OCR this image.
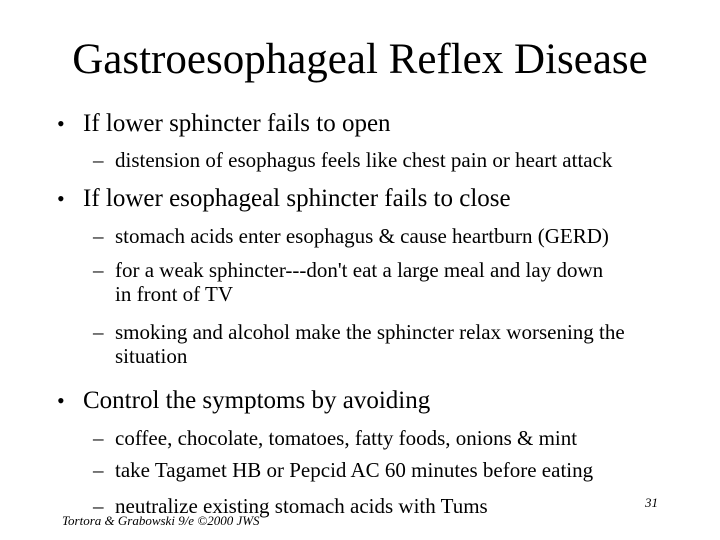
Gastroesophageal Reflex Disease
• If lower sphincter fails to open
– distension of esophagus feels like chest pain or heart attack
• If lower esophageal sphincter fails to close
– stomach acids enter esophagus & cause heartburn (GERD)
– for a weak sphincter---don't eat a large meal and lay down
in front of TV
– smoking and alcohol make the sphincter relax worsening the
situation
• Control the symptoms by avoiding
– coffee, chocolate, tomatoes, fatty foods, onions & mint
– take Tagamet HB or Pepcid AC 60 minutes before eating
– neutralize existing stomach acids with Tums	31
Tortora & Grabowski 9/e ©2000 JWS
